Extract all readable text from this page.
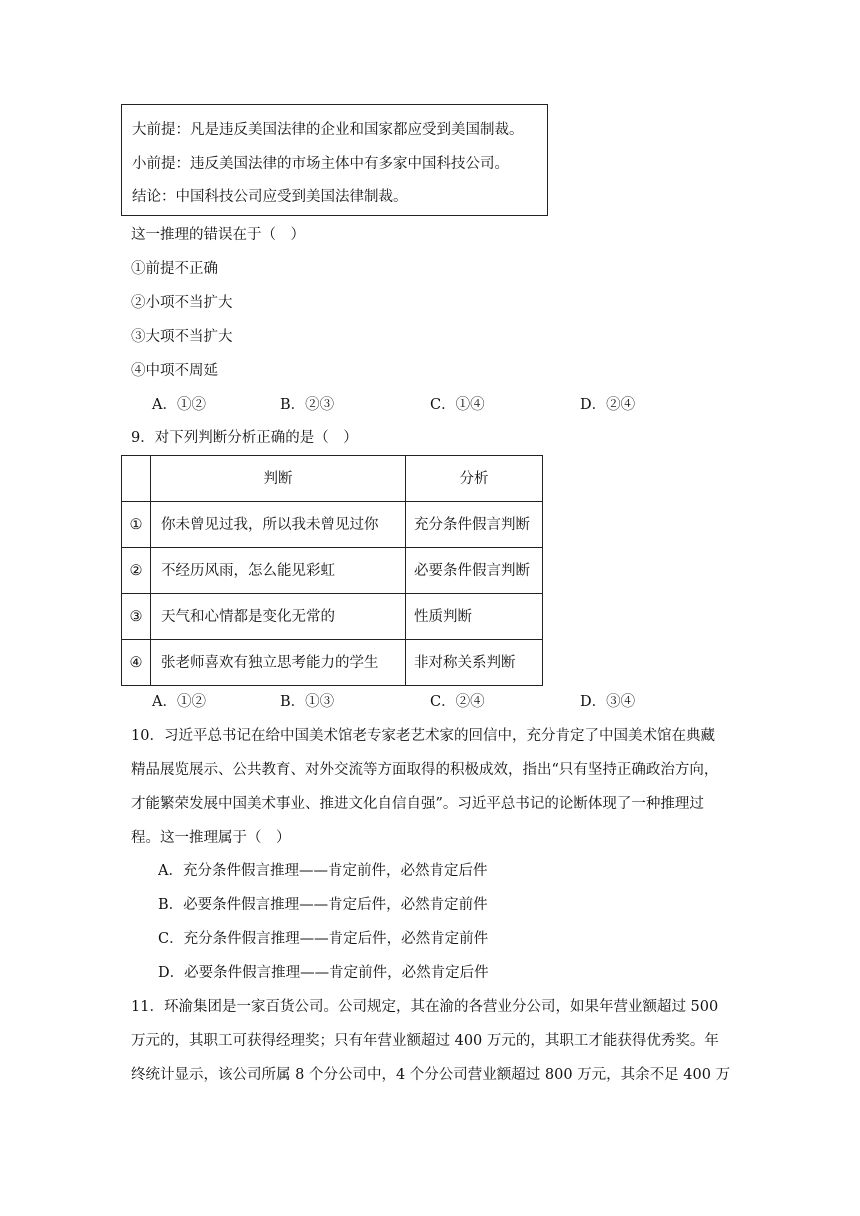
大前提：凡是违反美国法律的企业和国家都应受到美国制裁。
小前提：违反美国法律的市场主体中有多家中国科技公司。
结论：中国科技公司应受到美国法律制裁。
这一推理的错误在于（　）
①前提不正确
②小项不当扩大
③大项不当扩大
④中项不周延
A．①②	B．②③	C．①④	D．②④
9．对下列判断分析正确的是（　）
	判断	分析
①	你未曾见过我，所以我未曾见过你	充分条件假言判断
②	不经历风雨，怎么能见彩虹	必要条件假言判断
③	天气和心情都是变化无常的	性质判断
④	张老师喜欢有独立思考能力的学生	非对称关系判断
A．①②	B．①③	C．②④	D．③④
10．习近平总书记在给中国美术馆老专家老艺术家的回信中，充分肯定了中国美术馆在典藏
精品展览展示、公共教育、对外交流等方面取得的积极成效，指出“只有坚持正确政治方向，
才能繁荣发展中国美术事业、推进文化自信自强”。习近平总书记的论断体现了一种推理过
程。这一推理属于（　）
A．充分条件假言推理——肯定前件，必然肯定后件
B．必要条件假言推理——肯定后件，必然肯定前件
C．充分条件假言推理——肯定后件，必然肯定前件
D．必要条件假言推理——肯定前件，必然肯定后件
11．环渝集团是一家百货公司。公司规定，其在渝的各营业分公司，如果年营业额超过 500
万元的，其职工可获得经理奖；只有年营业额超过 400 万元的，其职工才能获得优秀奖。年
终统计显示，该公司所属 8 个分公司中，4 个分公司营业额超过 800 万元，其余不足 400 万
